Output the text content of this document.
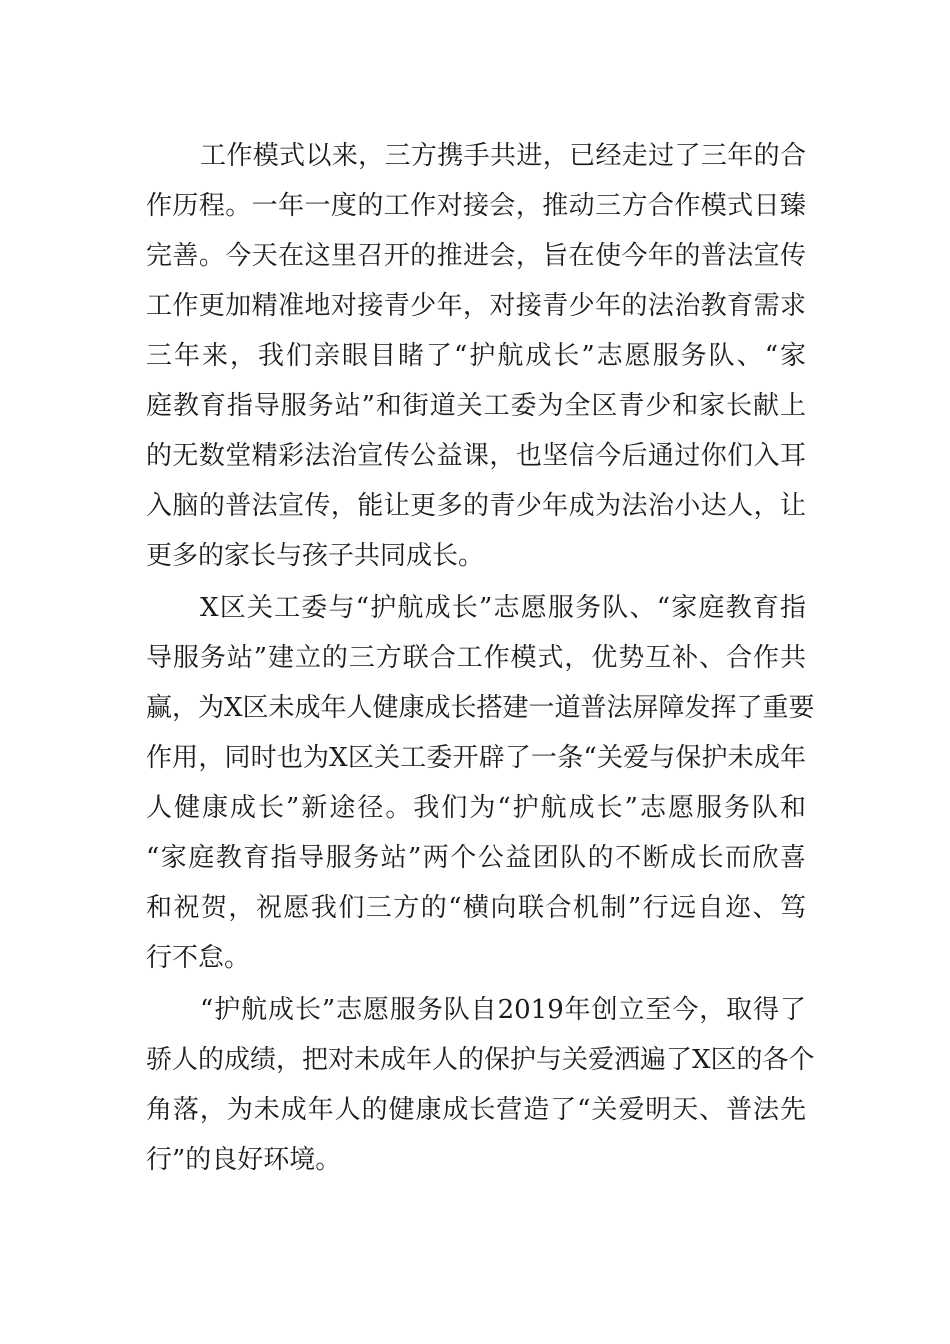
工作模式以来，三方携手共进，已经走过了三年的合
作历程。一年一度的工作对接会，推动三方合作模式日臻
完善。今天在这里召开的推进会，旨在使今年的普法宣传
工作更加精准地对接青少年，对接青少年的法治教育需求
三年来，我们亲眼目睹了“护航成长”志愿服务队、“家
庭教育指导服务站”和街道关工委为全区青少和家长献上
的无数堂精彩法治宣传公益课，也坚信今后通过你们入耳
入脑的普法宣传，能让更多的青少年成为法治小达人，让
更多的家长与孩子共同成长。
X区关工委与“护航成长”志愿服务队、“家庭教育指
导服务站”建立的三方联合工作模式，优势互补、合作共
赢，为X区未成年人健康成长搭建一道普法屏障发挥了重要
作用，同时也为X区关工委开辟了一条“关爱与保护未成年
人健康成长”新途径。我们为“护航成长”志愿服务队和
“家庭教育指导服务站”两个公益团队的不断成长而欣喜
和祝贺，祝愿我们三方的“横向联合机制”行远自迩、笃
行不怠。
“护航成长”志愿服务队自2019年创立至今，取得了
骄人的成绩，把对未成年人的保护与关爱洒遍了X区的各个
角落，为未成年人的健康成长营造了“关爱明天、普法先
行”的良好环境。
